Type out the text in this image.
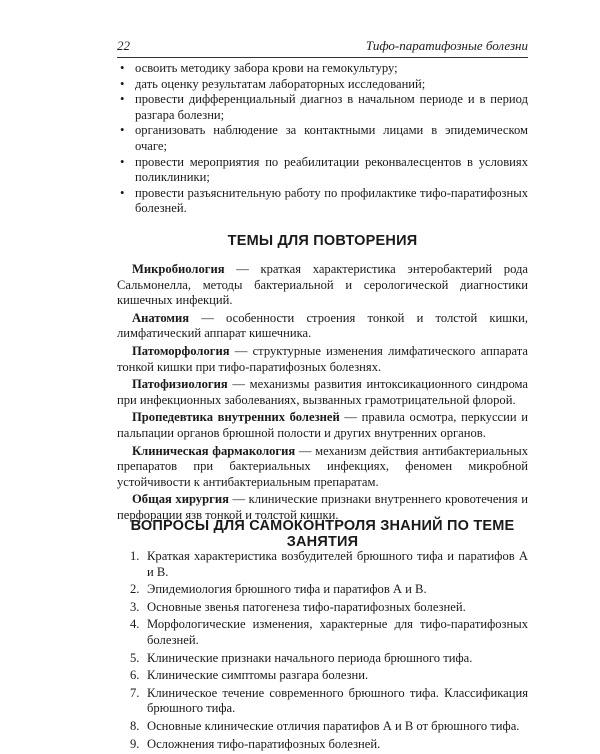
22	Тифо-паратифозные болезни
• освоить методику забора крови на гемокультуру;
• дать оценку результатам лабораторных исследований;
• провести дифференциальный диагноз в начальном периоде и в период разгара болезни;
• организовать наблюдение за контактными лицами в эпидемическом очаге;
• провести мероприятия по реабилитации реконвалесцентов в условиях поликлиники;
• провести разъяснительную работу по профилактике тифо-паратифозных болезней.
ТЕМЫ ДЛЯ ПОВТОРЕНИЯ

Микробиология — краткая характеристика энтеробактерий рода Сальмонелла, методы бактериальной и серологической диагностики кишечных инфекций.

Анатомия — особенности строения тонкой и толстой кишки, лимфатический аппарат кишечника.

Патоморфология — структурные изменения лимфатического аппарата тонкой кишки при тифо-паратифозных болезнях.

Патофизиология — механизмы развития интоксикационного синдрома при инфекционных заболеваниях, вызванных грамотрицательной флорой.

Пропедевтика внутренних болезней — правила осмотра, перкуссии и пальпации органов брюшной полости и других внутренних органов.

Клиническая фармакология — механизм действия антибактериальных препаратов при бактериальных инфекциях, феномен микробной устойчивости к антибактериальным препаратам.

Общая хирургия — клинические признаки внутреннего кровотечения и перфорации язв тонкой и толстой кишки.

ВОПРОСЫ ДЛЯ САМОКОНТРОЛЯ ЗНАНИЙ ПО ТЕМЕ ЗАНЯТИЯ
1. Краткая характеристика возбудителей брюшного тифа и паратифов А и В.
2. Эпидемиология брюшного тифа и паратифов А и В.
3. Основные звенья патогенеза тифо-паратифозных болезней.
4. Морфологические изменения, характерные для тифо-паратифозных болезней.
5. Клинические признаки начального периода брюшного тифа.
6. Клинические симптомы разгара болезни.
7. Клиническое течение современного брюшного тифа. Классификация брюшного тифа.
8. Основные клинические отличия паратифов А и В от брюшного тифа.
9. Осложнения тифо-паратифозных болезней.
